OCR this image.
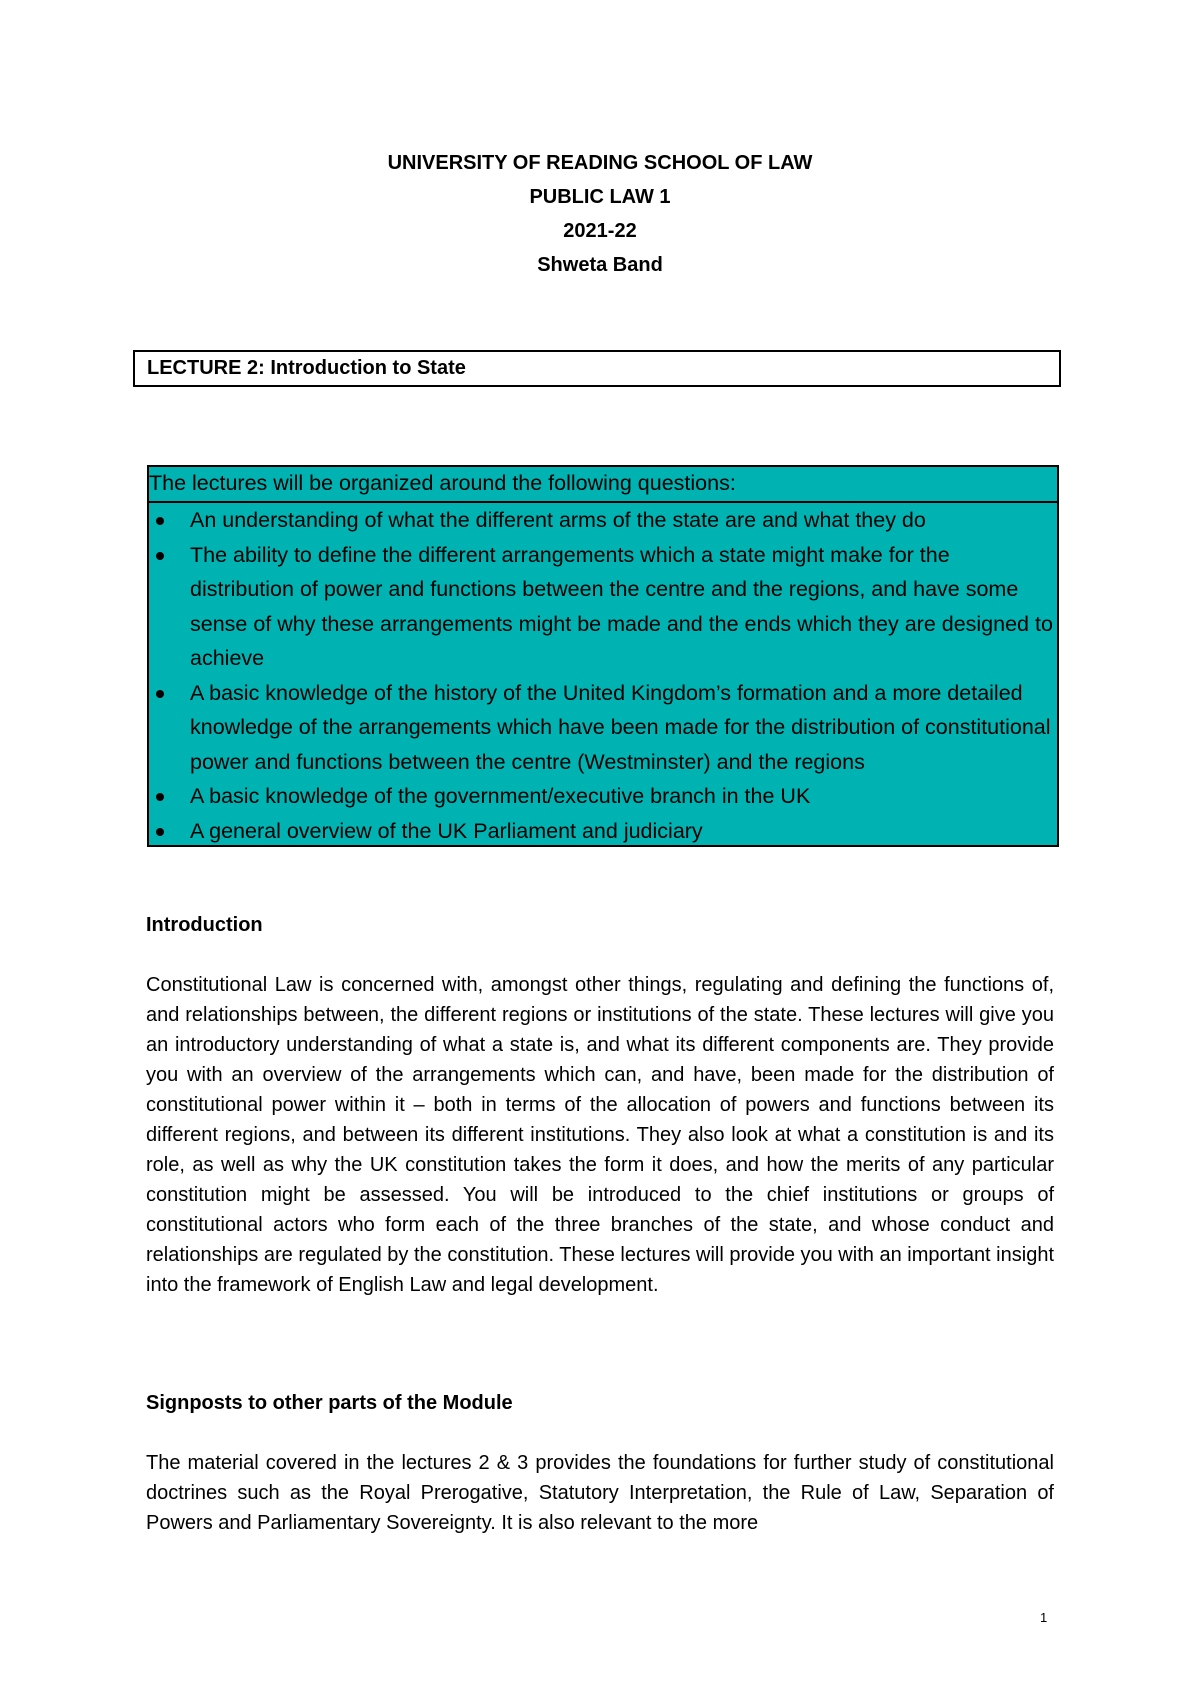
UNIVERSITY OF READING SCHOOL OF LAW
PUBLIC LAW 1
2021-22
Shweta Band
LECTURE 2: Introduction to State
The lectures will be organized around the following questions:
An understanding of what the different arms of the state are and what they do
The ability to define the different arrangements which a state might make for the distribution of power and functions between the centre and the regions, and have some sense of why these arrangements might be made and the ends which they are designed to achieve
A basic knowledge of the history of the United Kingdom’s formation and a more detailed knowledge of the arrangements which have been made for the distribution of constitutional power and functions between the centre (Westminster) and the regions
A basic knowledge of the government/executive branch in the UK
A general overview of the UK Parliament and judiciary
Introduction
Constitutional Law is concerned with, amongst other things, regulating and defining the functions of, and relationships between, the different regions or institutions of the state. These lectures will give you an introductory understanding of what a state is, and what its different components are. They provide you with an overview of the arrangements which can, and have, been made for the distribution of constitutional power within it – both in terms of the allocation of powers and functions between its different regions, and between its different institutions. They also look at what a constitution is and its role, as well as why the UK constitution takes the form it does, and how the merits of any particular constitution might be assessed. You will be introduced to the chief institutions or groups of constitutional actors who form each of the three branches of the state, and whose conduct and relationships are regulated by the constitution. These lectures will provide you with an important insight into the framework of English Law and legal development.
Signposts to other parts of the Module
The material covered in the lectures 2 & 3 provides the foundations for further study of constitutional doctrines such as the Royal Prerogative, Statutory Interpretation, the Rule of Law, Separation of Powers and Parliamentary Sovereignty. It is also relevant to the more
1
